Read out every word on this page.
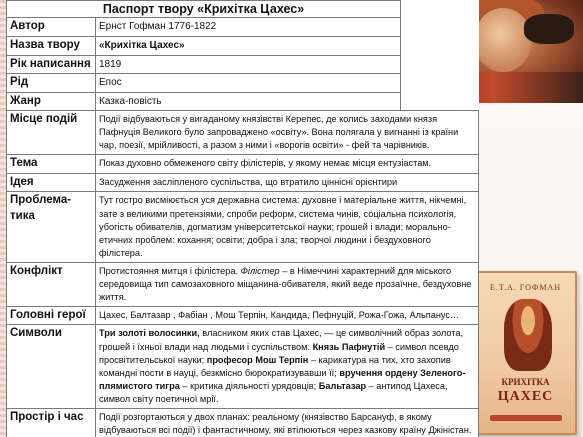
Е.Т.А. ГОФМАН
КРИХІТКА
ЦАХЕС
Паспорт твору «Крихітка Цахес»	
Автор	Ернст Гофман 1776-1822
Назва твору	«Крихітка Цахес»
Рік написання	1819
Рід	Епос
Жанр	Казка-повість
Місце подій	Події відбуваються у вигаданому князівстві Керепес, де колись заходами князя Пафнуція Великого було запроваджено «освіту». Вона полягала у вигнанні із країни чар, поезії, мрійливості, а разом з ними і «ворогів освіти» - фей та чарівників.
Тема	Показ духовно обмеженого світу філістерів, у якому немає місця ентузіастам.
Ідея	Засудження засліпленого суспільства, що втратило ціннісні орієнтири
Проблема-тика	Тут гостро висміюється уся державна система: духовне і матеріальне життя, нікчемні, зате з великими претензіями, спроби реформ, система чинів, соціальна психологія, убогість обивателів, догматизм університетської науки; грошей і влади; морально-етичних проблем: кохання; освіти; добра і зла; творчої людини і бездуховного філістера.
Конфлікт	Протистояння митця і філістера. Філістер – в Німеччині характерний для міського середовища тип самозаховного міщанина-обивателя, який веде прозаїчне, бездуховне життя.
Головні герої	Цахес, Балтазар , Фабіан , Мош Терпін, Кандида, Пефнуцій, Рожа-Гожа, Альпанус…
Символи	Три золоті волосинки, власником яких став Цахес, — це символічний образ золота, грошей і їхньої влади над людьми і суспільством. Князь Пафнутій – символ псевдо просвітительської науки; професор Мош Терпін – карикатура на тих, хто захопив командні пости в науці, безкмісно бюрократизувавши її; вручення ордену Зеленого-плямистого тигра – критика діяльності урядовців; Бальтазар – антипод Цахеса, символ світу поетичної мрії.
Простір і час	Події розгортаються у двох планах: реальному (князівство Барсануф, в якому відбуваються всі події) і фантастичному, які втілюються через казкову країну Джіністан.
